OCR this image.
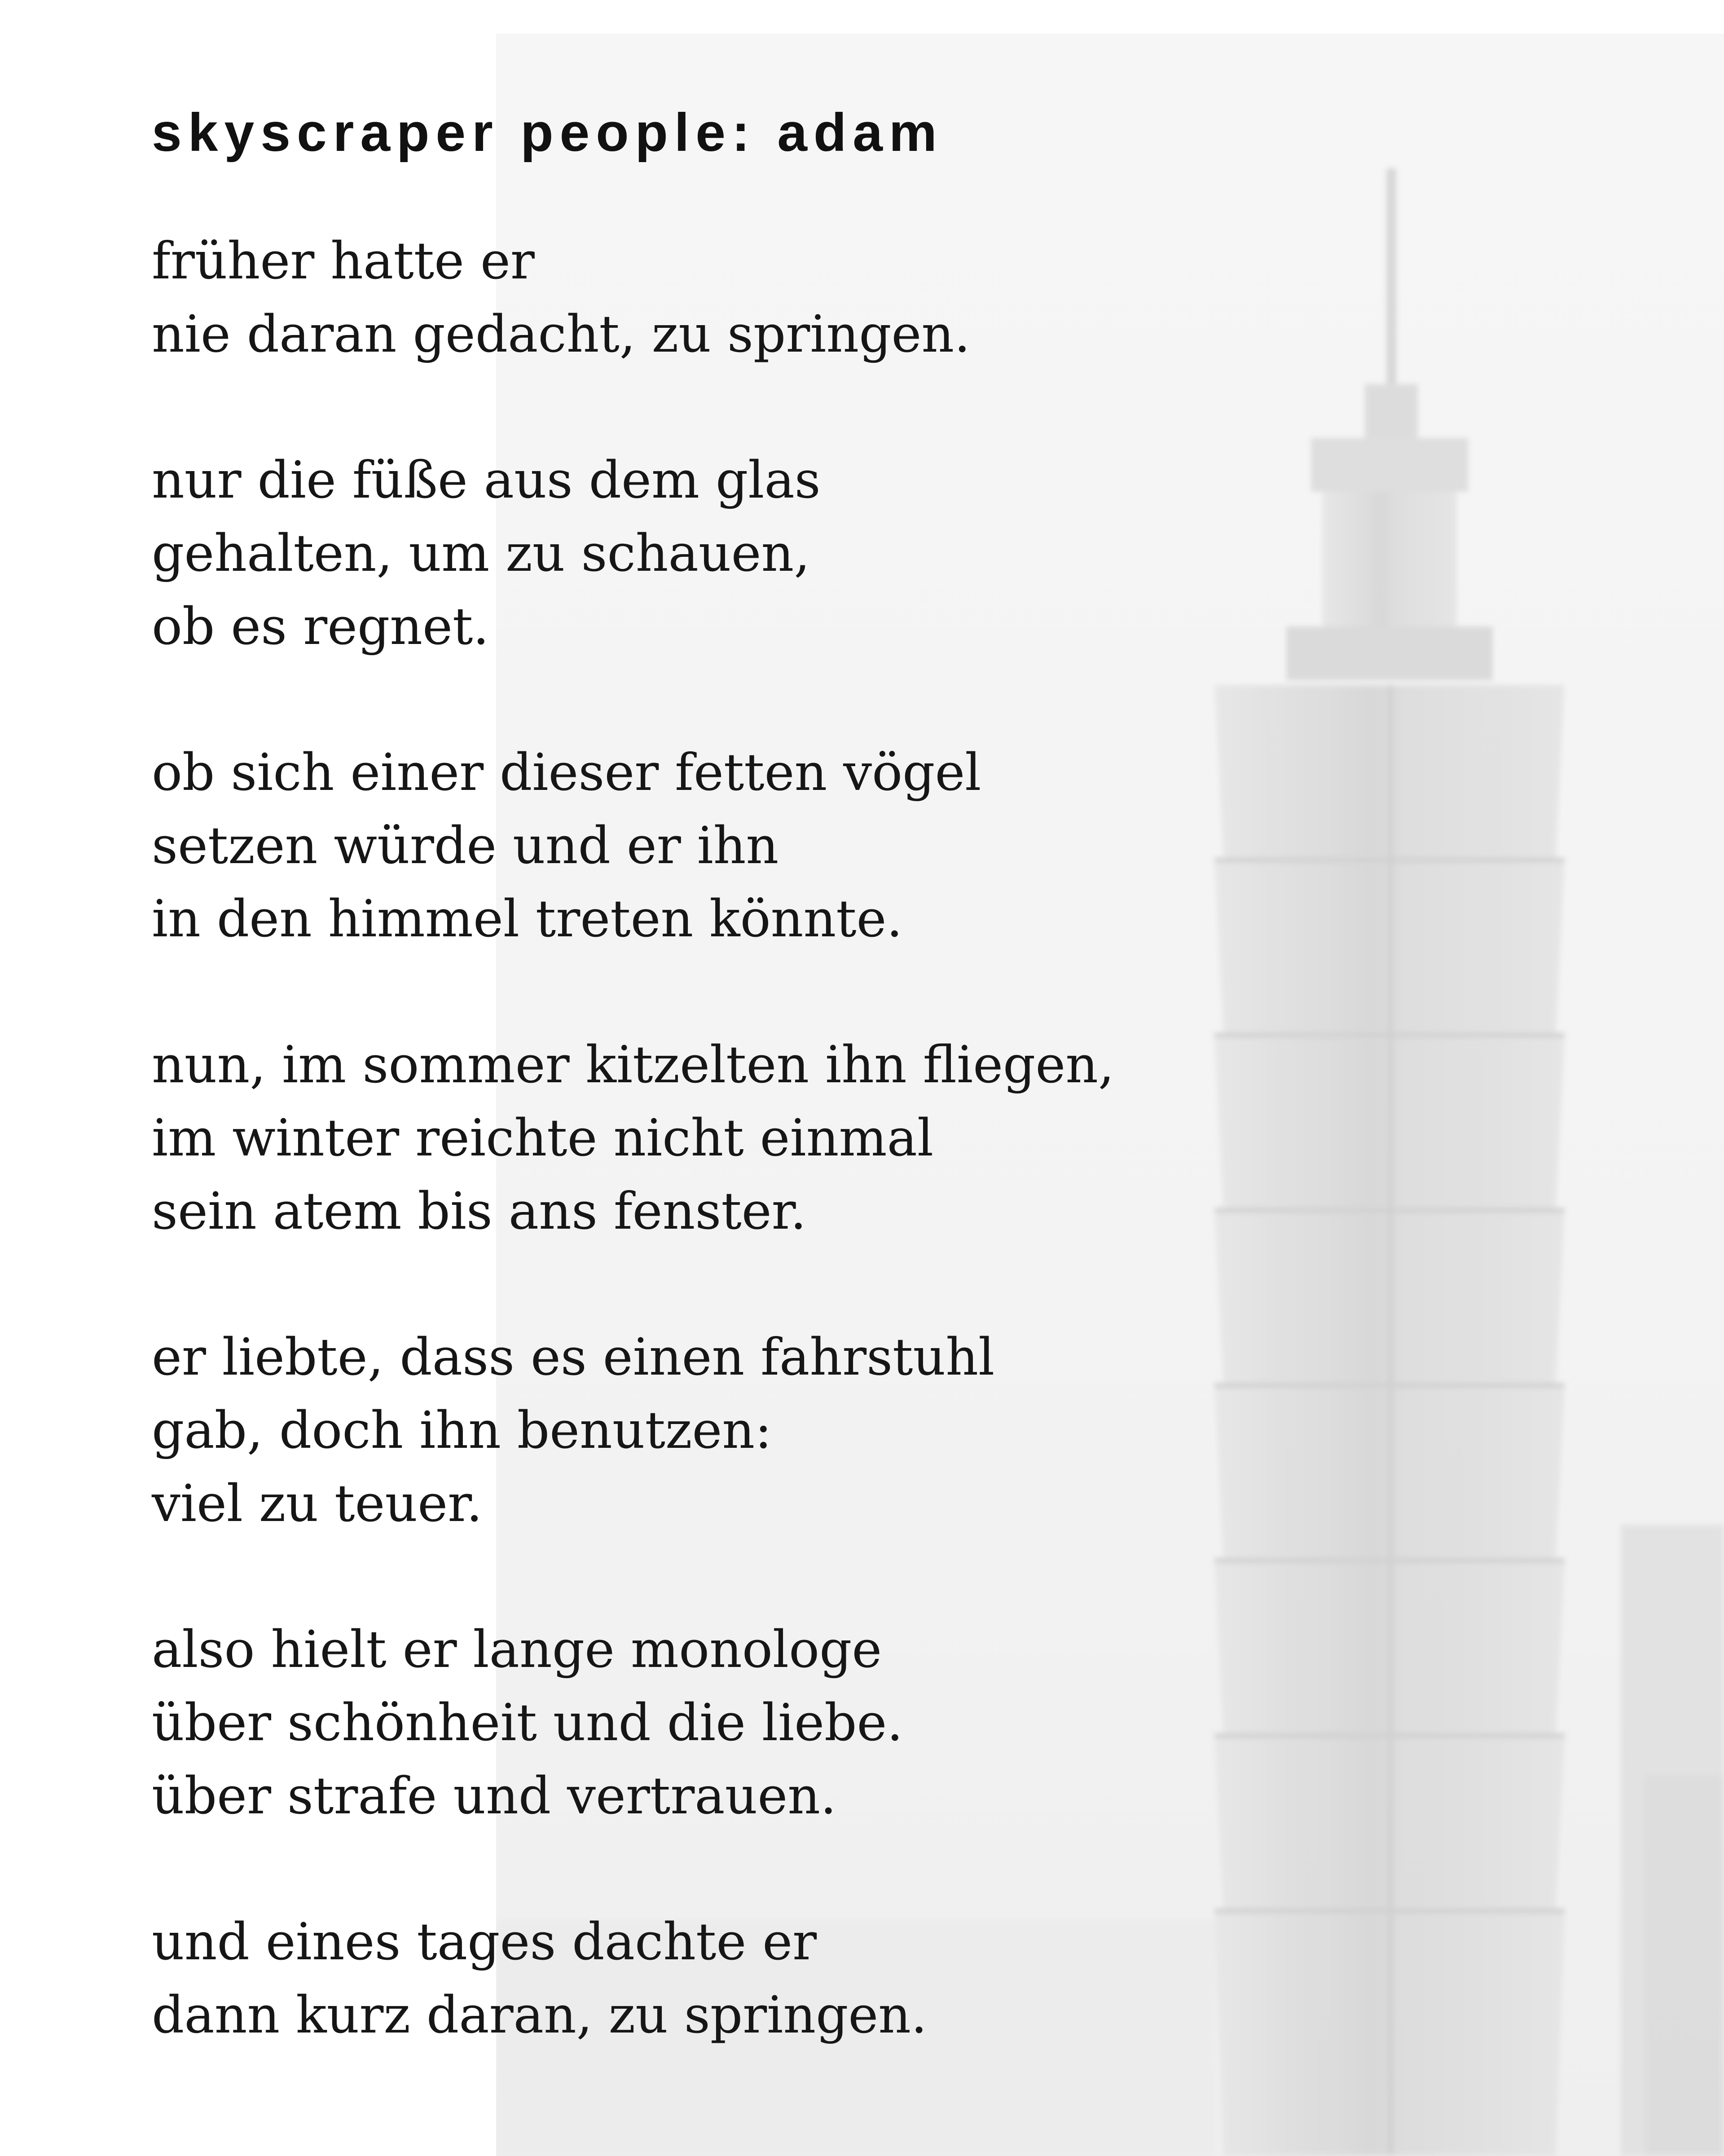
skyscraper people: adam
früher hatte er
nie daran gedacht, zu springen.
nur die füße aus dem glas
gehalten, um zu schauen,
ob es regnet.
ob sich einer dieser fetten vögel
setzen würde und er ihn
in den himmel treten könnte.
nun, im sommer kitzelten ihn fliegen,
im winter reichte nicht einmal
sein atem bis ans fenster.
er liebte, dass es einen fahrstuhl
gab, doch ihn benutzen:
viel zu teuer.
also hielt er lange monologe
über schönheit und die liebe.
über strafe und vertrauen.
und eines tages dachte er
dann kurz daran, zu springen.
